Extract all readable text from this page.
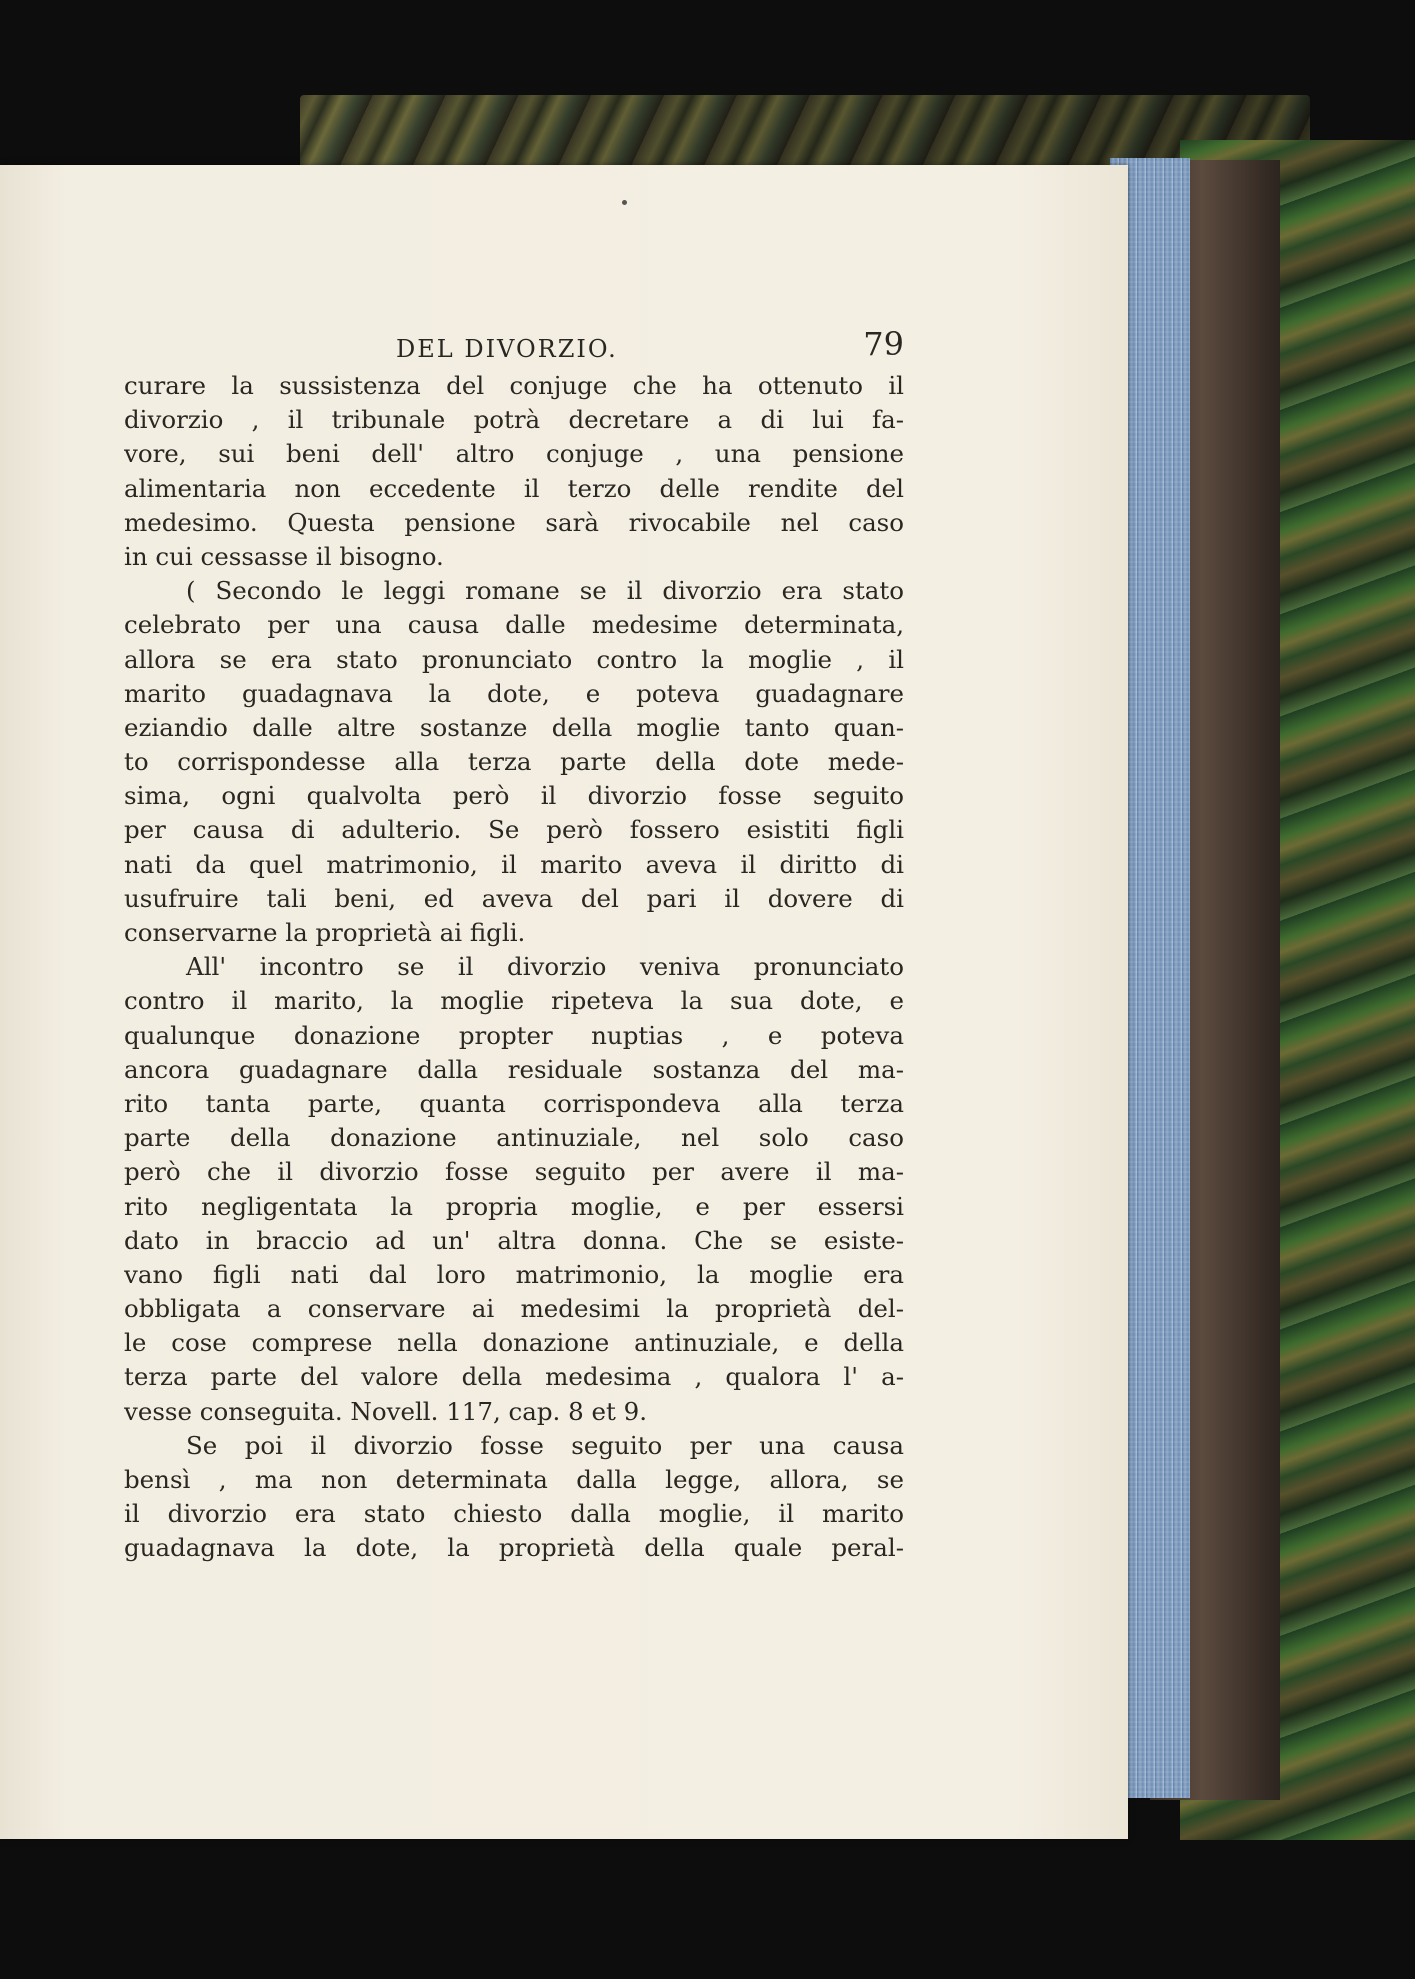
DEL DIVORZIO.	79
curare la sussistenza del conjuge che ha ottenuto il
divorzio , il tribunale potrà decretare a di lui fa-
vore, sui beni dell' altro conjuge , una pensione
alimentaria non eccedente il terzo delle rendite del
medesimo. Questa pensione sarà rivocabile nel caso
in cui cessasse il bisogno.
( Secondo le leggi romane se il divorzio era stato
celebrato per una causa dalle medesime determinata,
allora se era stato pronunciato contro la moglie , il
marito guadagnava la dote, e poteva guadagnare
eziandio dalle altre sostanze della moglie tanto quan-
to corrispondesse alla terza parte della dote mede-
sima, ogni qualvolta però il divorzio fosse seguito
per causa di adulterio. Se però fossero esistiti figli
nati da quel matrimonio, il marito aveva il diritto di
usufruire tali beni, ed aveva del pari il dovere di
conservarne la proprietà ai figli.
All' incontro se il divorzio veniva pronunciato
contro il marito, la moglie ripeteva la sua dote, e
qualunque donazione propter nuptias , e poteva
ancora guadagnare dalla residuale sostanza del ma-
rito tanta parte, quanta corrispondeva alla terza
parte della donazione antinuziale, nel solo caso
però che il divorzio fosse seguito per avere il ma-
rito negligentata la propria moglie, e per essersi
dato in braccio ad un' altra donna. Che se esiste-
vano figli nati dal loro matrimonio, la moglie era
obbligata a conservare ai medesimi la proprietà del-
le cose comprese nella donazione antinuziale, e della
terza parte del valore della medesima , qualora l' a-
vesse conseguita. Novell. 117, cap. 8 et 9.
Se poi il divorzio fosse seguito per una causa
bensì , ma non determinata dalla legge, allora, se
il divorzio era stato chiesto dalla moglie, il marito
guadagnava la dote, la proprietà della quale peral-
